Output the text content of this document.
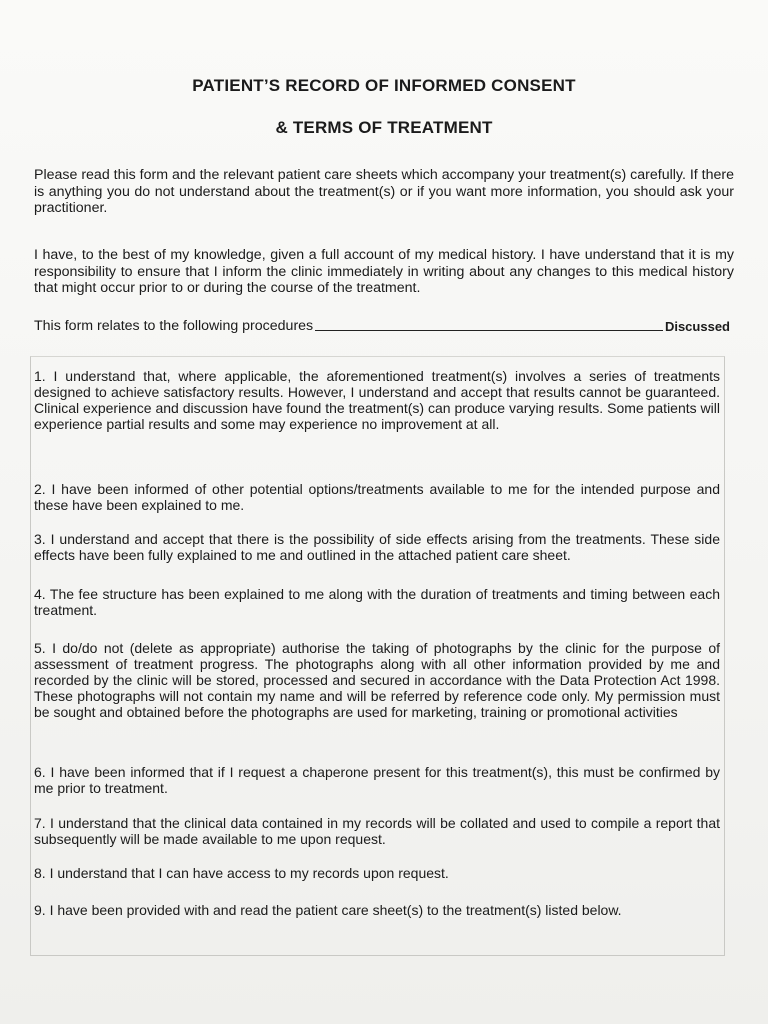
PATIENT’S RECORD OF INFORMED CONSENT
& TERMS OF TREATMENT
Please read this form and the relevant patient care sheets which accompany your treatment(s) carefully. If there is anything you do not understand about the treatment(s) or if you want more information, you should ask your practitioner.
I have, to the best of my knowledge, given a full account of my medical history. I have understand that it is my responsibility to ensure that I inform the clinic immediately in writing about any changes to this medical history that might occur prior to or during the course of the treatment.
This form relates to the following procedures	Discussed
1. I understand that, where applicable, the aforementioned treatment(s) involves a series of treatments designed to achieve satisfactory results. However, I understand and accept that results cannot be guaranteed. Clinical experience and discussion have found the treatment(s) can produce varying results. Some patients will experience partial results and some may experience no improvement at all.
2. I have been informed of other potential options/treatments available to me for the intended purpose and these have been explained to me.
3. I understand and accept that there is the possibility of side effects arising from the treatments. These side effects have been fully explained to me and outlined in the attached patient care sheet.
4. The fee structure has been explained to me along with the duration of treatments and timing between each treatment.
5. I do/do not (delete as appropriate) authorise the taking of photographs by the clinic for the purpose of assessment of treatment progress. The photographs along with all other information provided by me and recorded by the clinic will be stored, processed and secured in accordance with the Data Protection Act 1998. These photographs will not contain my name and will be referred by reference code only. My permission must be sought and obtained before the photographs are used for marketing, training or promotional activities
6. I have been informed that if I request a chaperone present for this treatment(s), this must be confirmed by me prior to treatment.
7. I understand that the clinical data contained in my records will be collated and used to compile a report that subsequently will be made available to me upon request.
8. I understand that I can have access to my records upon request.
9. I have been provided with and read the patient care sheet(s) to the treatment(s) listed below.
